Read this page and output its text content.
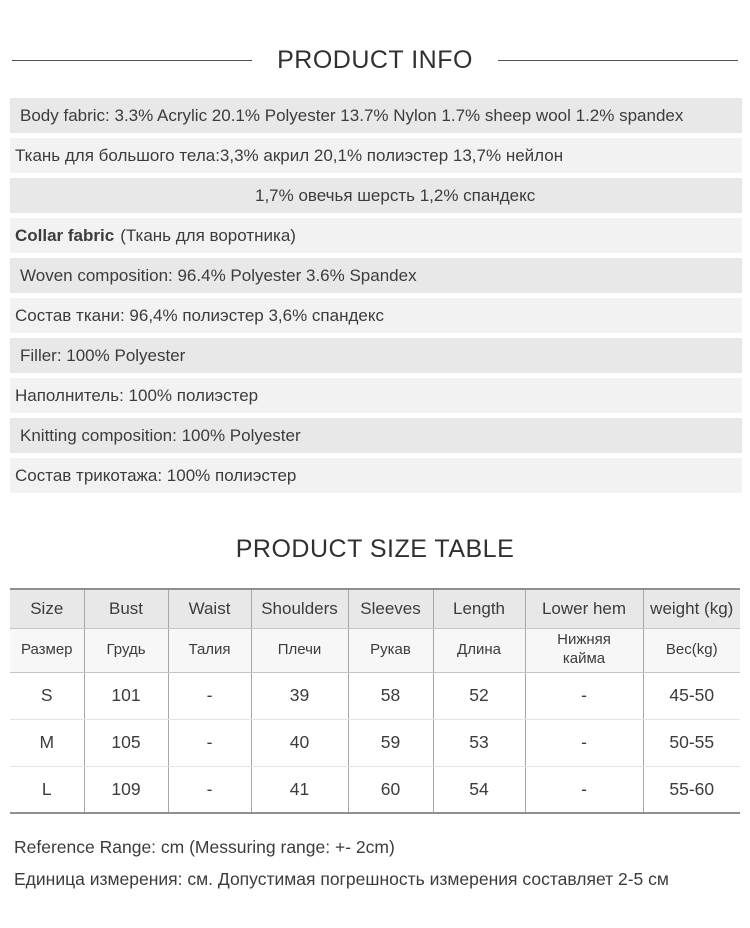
PRODUCT INFO
Body fabric: 3.3% Acrylic 20.1% Polyester 13.7% Nylon 1.7% sheep wool 1.2% spandex
Ткань для большого тела:3,3% акрил 20,1% полиэстер 13,7% нейлон
1,7% овечья шерсть 1,2% спандекс
Collar fabric (Ткань для воротника)
Woven composition: 96.4% Polyester 3.6% Spandex
Состав ткани: 96,4% полиэстер 3,6% спандекс
Filler: 100% Polyester
Наполнитель: 100% полиэстер
Knitting composition: 100% Polyester
Состав трикотажа: 100% полиэстер
PRODUCT SIZE TABLE
Size	Bust	Waist	Shoulders	Sleeves	Length	Lower hem	weight (kg)
Размер	Грудь	Талия	Плечи	Рукав	Длина	Нижняя кайма	Вес(kg)
S	101	-	39	58	52	-	45-50
M	105	-	40	59	53	-	50-55
L	109	-	41	60	54	-	55-60
Reference Range: cm (Messuring range: +- 2cm)
Единица измерения: см. Допустимая погрешность измерения составляет 2-5 см
